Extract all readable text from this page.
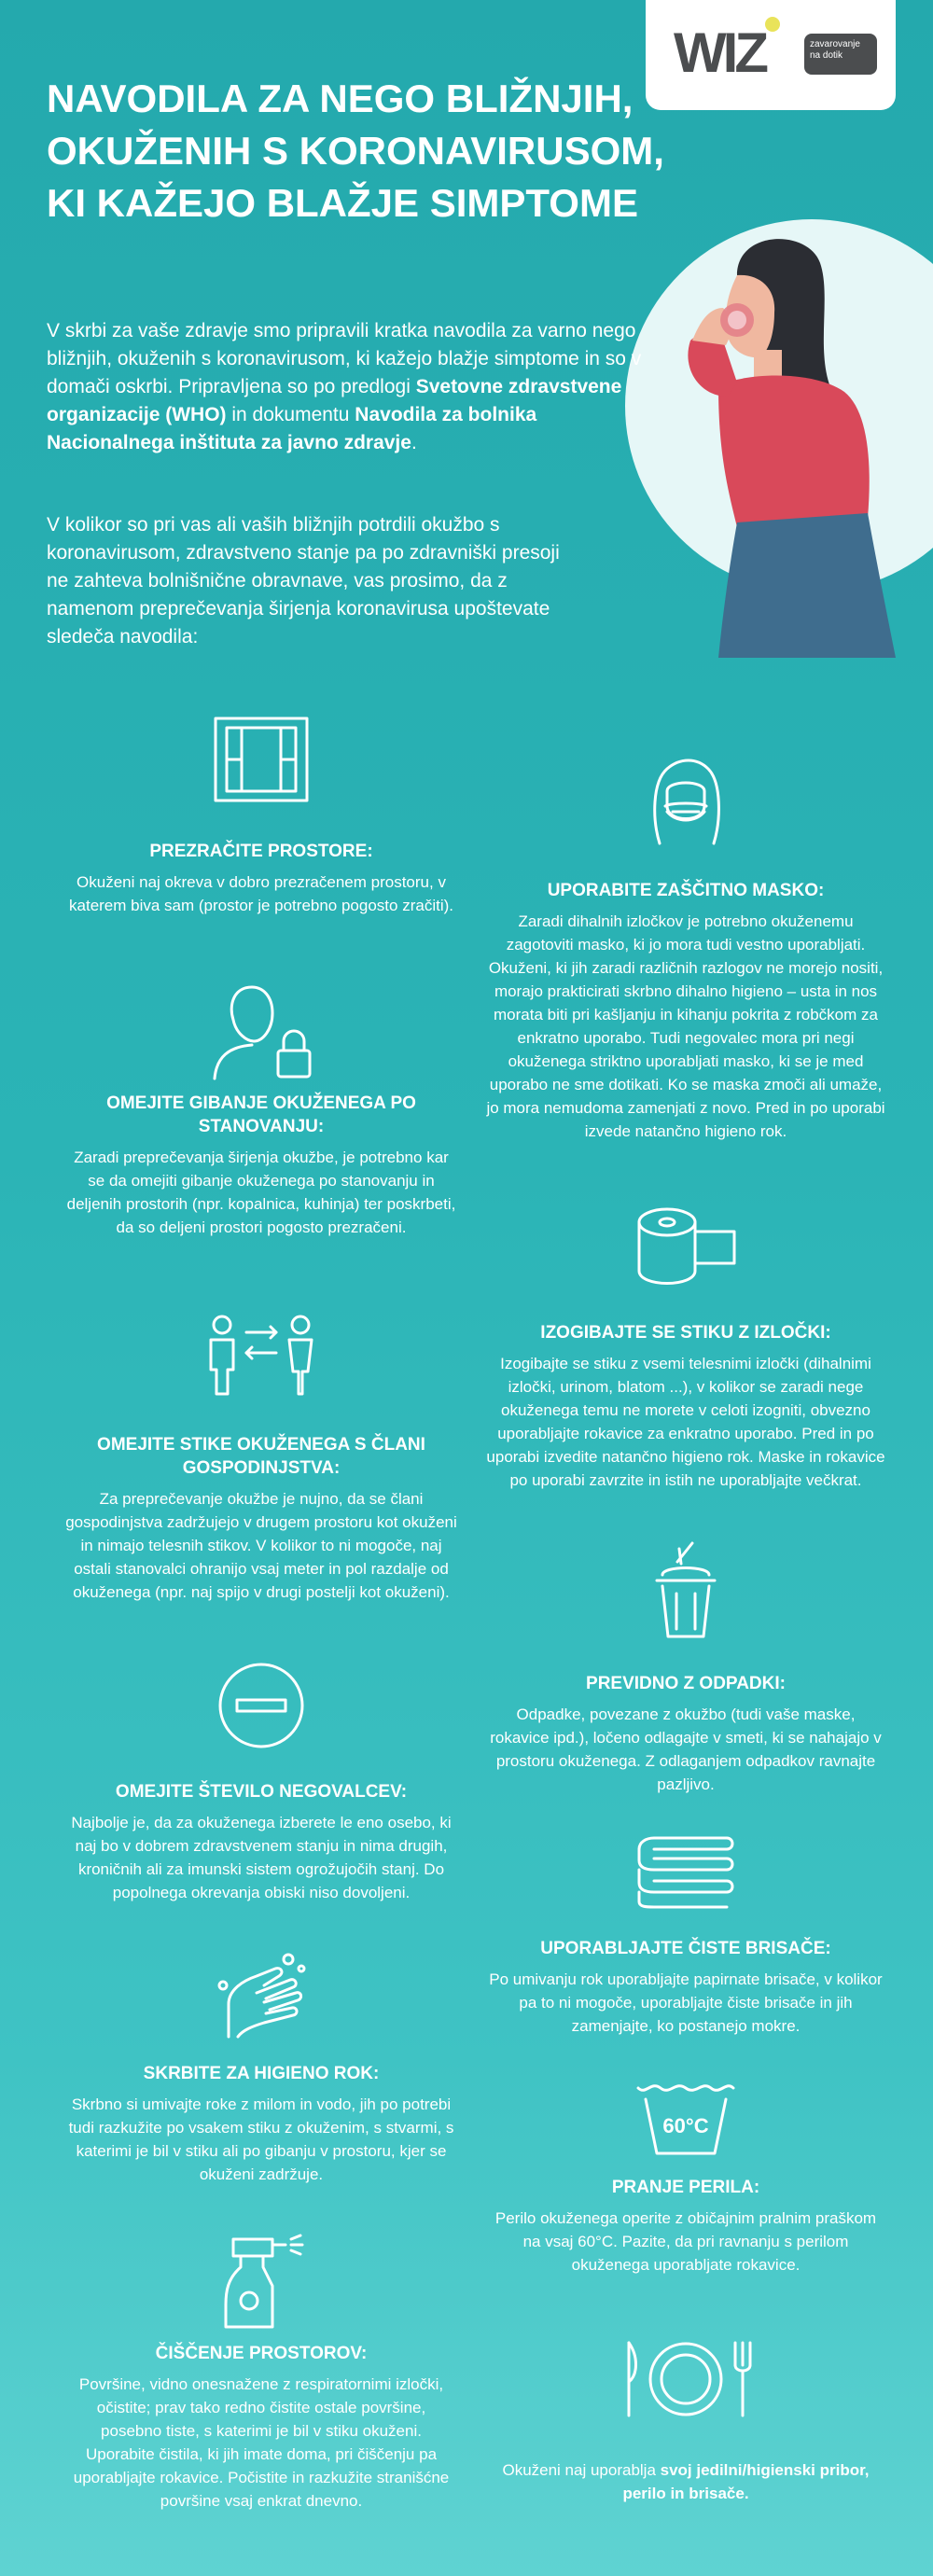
WIZ	zavarovanje na dotik
NAVODILA ZA NEGO BLIŽNJIH, OKUŽENIH S KORONAVIRUSOM, KI KAŽEJO BLAŽJE SIMPTOME

V skrbi za vaše zdravje smo pripravili kratka navodila za varno nego bližnjih, okuženih s koronavirusom, ki kažejo blažje simptome in so v domači oskrbi. Pripravljena so po predlogi Svetovne zdravstvene organizacije (WHO) in dokumentu Navodila za bolnika Nacionalnega inštituta za javno zdravje.

V kolikor so pri vas ali vaših bližnjih potrdili okužbo s koronavirusom, zdravstveno stanje pa po zdravniški presoji ne zahteva bolnišnične obravnave, vas prosimo, da z namenom preprečevanja širjenja koronavirusa upoštevate sledeča navodila:

PREZRAČITE PROSTORE:

Okuženi naj okreva v dobro prezračenem prostoru, v katerem biva sam (prostor je potrebno pogosto zračiti).

OMEJITE GIBANJE OKUŽENEGA PO STANOVANJU:

Zaradi preprečevanja širjenja okužbe, je potrebno kar se da omejiti gibanje okuženega po stanovanju in deljenih prostorih (npr. kopalnica, kuhinja) ter poskrbeti, da so deljeni prostori pogosto prezračeni.

OMEJITE STIKE OKUŽENEGA S ČLANI GOSPODINJSTVA:

Za preprečevanje okužbe je nujno, da se člani gospodinjstva zadržujejo v drugem prostoru kot okuženi in nimajo telesnih stikov. V kolikor to ni mogoče, naj ostali stanovalci ohranijo vsaj meter in pol razdalje od okuženega (npr. naj spijo v drugi postelji kot okuženi).

OMEJITE ŠTEVILO NEGOVALCEV:

Najbolje je, da za okuženega izberete le eno osebo, ki naj bo v dobrem zdravstvenem stanju in nima drugih, kroničnih ali za imunski sistem ogrožujočih stanj. Do popolnega okrevanja obiski niso dovoljeni.

SKRBITE ZA HIGIENO ROK:

Skrbno si umivajte roke z milom in vodo, jih po potrebi tudi razkužite po vsakem stiku z okuženim, s stvarmi, s katerimi je bil v stiku ali po gibanju v prostoru, kjer se okuženi zadržuje.

ČIŠČENJE PROSTOROV:

Površine, vidno onesnažene z respiratornimi izločki, očistite; prav tako redno čistite ostale površine, posebno tiste, s katerimi je bil v stiku okuženi. Uporabite čistila, ki jih imate doma, pri čiščenju pa uporabljajte rokavice. Počistite in razkužite stranišćne površine vsaj enkrat dnevno.

UPORABITE ZAŠČITNO MASKO:

Zaradi dihalnih izločkov je potrebno okuženemu zagotoviti masko, ki jo mora tudi vestno uporabljati. Okuženi, ki jih zaradi različnih razlogov ne morejo nositi, morajo prakticirati skrbno dihalno higieno – usta in nos morata biti pri kašljanju in kihanju pokrita z robčkom za enkratno uporabo. Tudi negovalec mora pri negi okuženega striktno uporabljati masko, ki se je med uporabo ne sme dotikati. Ko se maska zmoči ali umaže, jo mora nemudoma zamenjati z novo. Pred in po uporabi izvede natančno higieno rok.

IZOGIBAJTE SE STIKU Z IZLOČKI:

Izogibajte se stiku z vsemi telesnimi izločki (dihalnimi izločki, urinom, blatom ...), v kolikor se zaradi nege okuženega temu ne morete v celoti izogniti, obvezno uporabljajte rokavice za enkratno uporabo. Pred in po uporabi izvedite natančno higieno rok. Maske in rokavice po uporabi zavrzite in istih ne uporabljajte večkrat.

PREVIDNO Z ODPADKI:

Odpadke, povezane z okužbo (tudi vaše maske, rokavice ipd.), ločeno odlagajte v smeti, ki se nahajajo v prostoru okuženega. Z odlaganjem odpadkov ravnajte pazljivo.

UPORABLJAJTE ČISTE BRISAČE:

Po umivanju rok uporabljajte papirnate brisače, v kolikor pa to ni mogoče, uporabljajte čiste brisače in jih zamenjajte, ko postanejo mokre.

60°C
PRANJE PERILA:

Perilo okuženega operite z običajnim pralnim praškom na vsaj 60°C. Pazite, da pri ravnanju s perilom okuženega uporabljate rokavice.

Okuženi naj uporablja svoj jedilni/higienski pribor, perilo in brisače.
